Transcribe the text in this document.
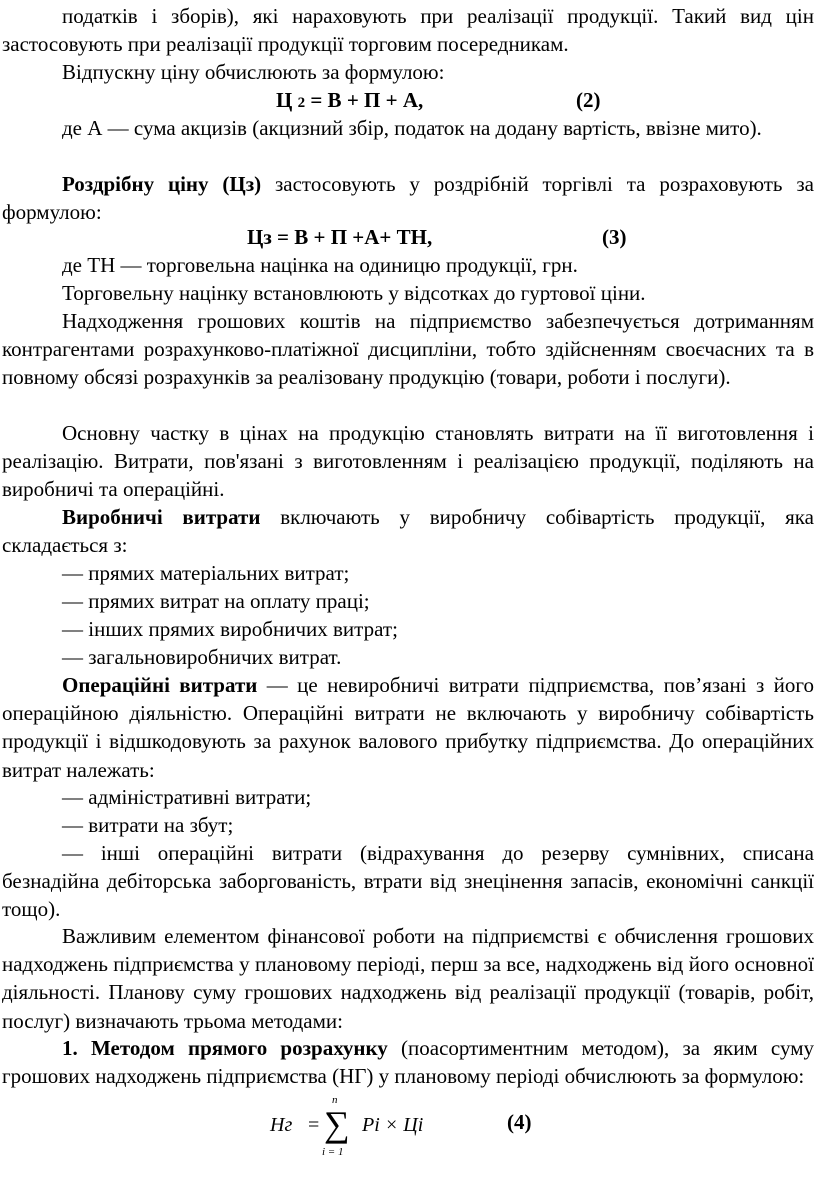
податків і зборів), які нараховують при реалізації продукції. Такий вид цін застосовують при реалізації продукції торговим посередникам.

Відпускну ціну обчислюють за формулою:

Ц 2 = В + П + А,	(2)

де А — сума акцизів (акцизний збір, податок на додану вартість, ввізне мито).

Роздрібну ціну (Цз) застосовують у роздрібній торгівлі та розраховують за формулою:

Цз = В + П +А+ ТН,	(3)

де ТН — торговельна націнка на одиницю продукції, грн.

Торговельну націнку встановлюють у відсотках до гуртової ціни.

Надходження грошових коштів на підприємство забезпечується дотриманням контрагентами розрахунково-платіжної дисципліни, тобто здійсненням своєчасних та в повному обсязі розрахунків за реалізовану продукцію (товари, роботи і послуги).

Основну частку в цінах на продукцію становлять витрати на її виготовлення і реалізацію. Витрати, пов'язані з виготовленням і реалізацією продукції, поділяють на виробничі та операційні.

Виробничі витрати включають у виробничу собівартість продукції, яка складається з:

— прямих матеріальних витрат;

— прямих витрат на оплату праці;

— інших прямих виробничих витрат;

— загальновиробничих витрат.

Операційні витрати — це невиробничі витрати підприємства, пов’язані з його операційною діяльністю. Операційні витрати не включають у виробничу собівартість продукції і відшкодовують за рахунок валового прибутку підприємства. До операційних витрат належать:

— адміністративні витрати;

— витрати на збут;

— інші операційні витрати (відрахування до резерву сумнівних, списана безнадійна дебіторська заборгованість, втрати від знецінення запасів, економічні санкції тощо).

Важливим елементом фінансової роботи на підприємстві є обчислення грошових надходжень підприємства у плановому періоді, перш за все, надходжень від його основної діяльності. Планову суму грошових надходжень від реалізації продукції (товарів, робіт, послуг) визначають трьома методами:

1. Методом прямого розрахунку (поасортиментним методом), за яким суму грошових надходжень підприємства (НГ) у плановому періоді обчислюють за формулою:

Нг =
n
∑
i = 1
Pi × Ці	(4)
